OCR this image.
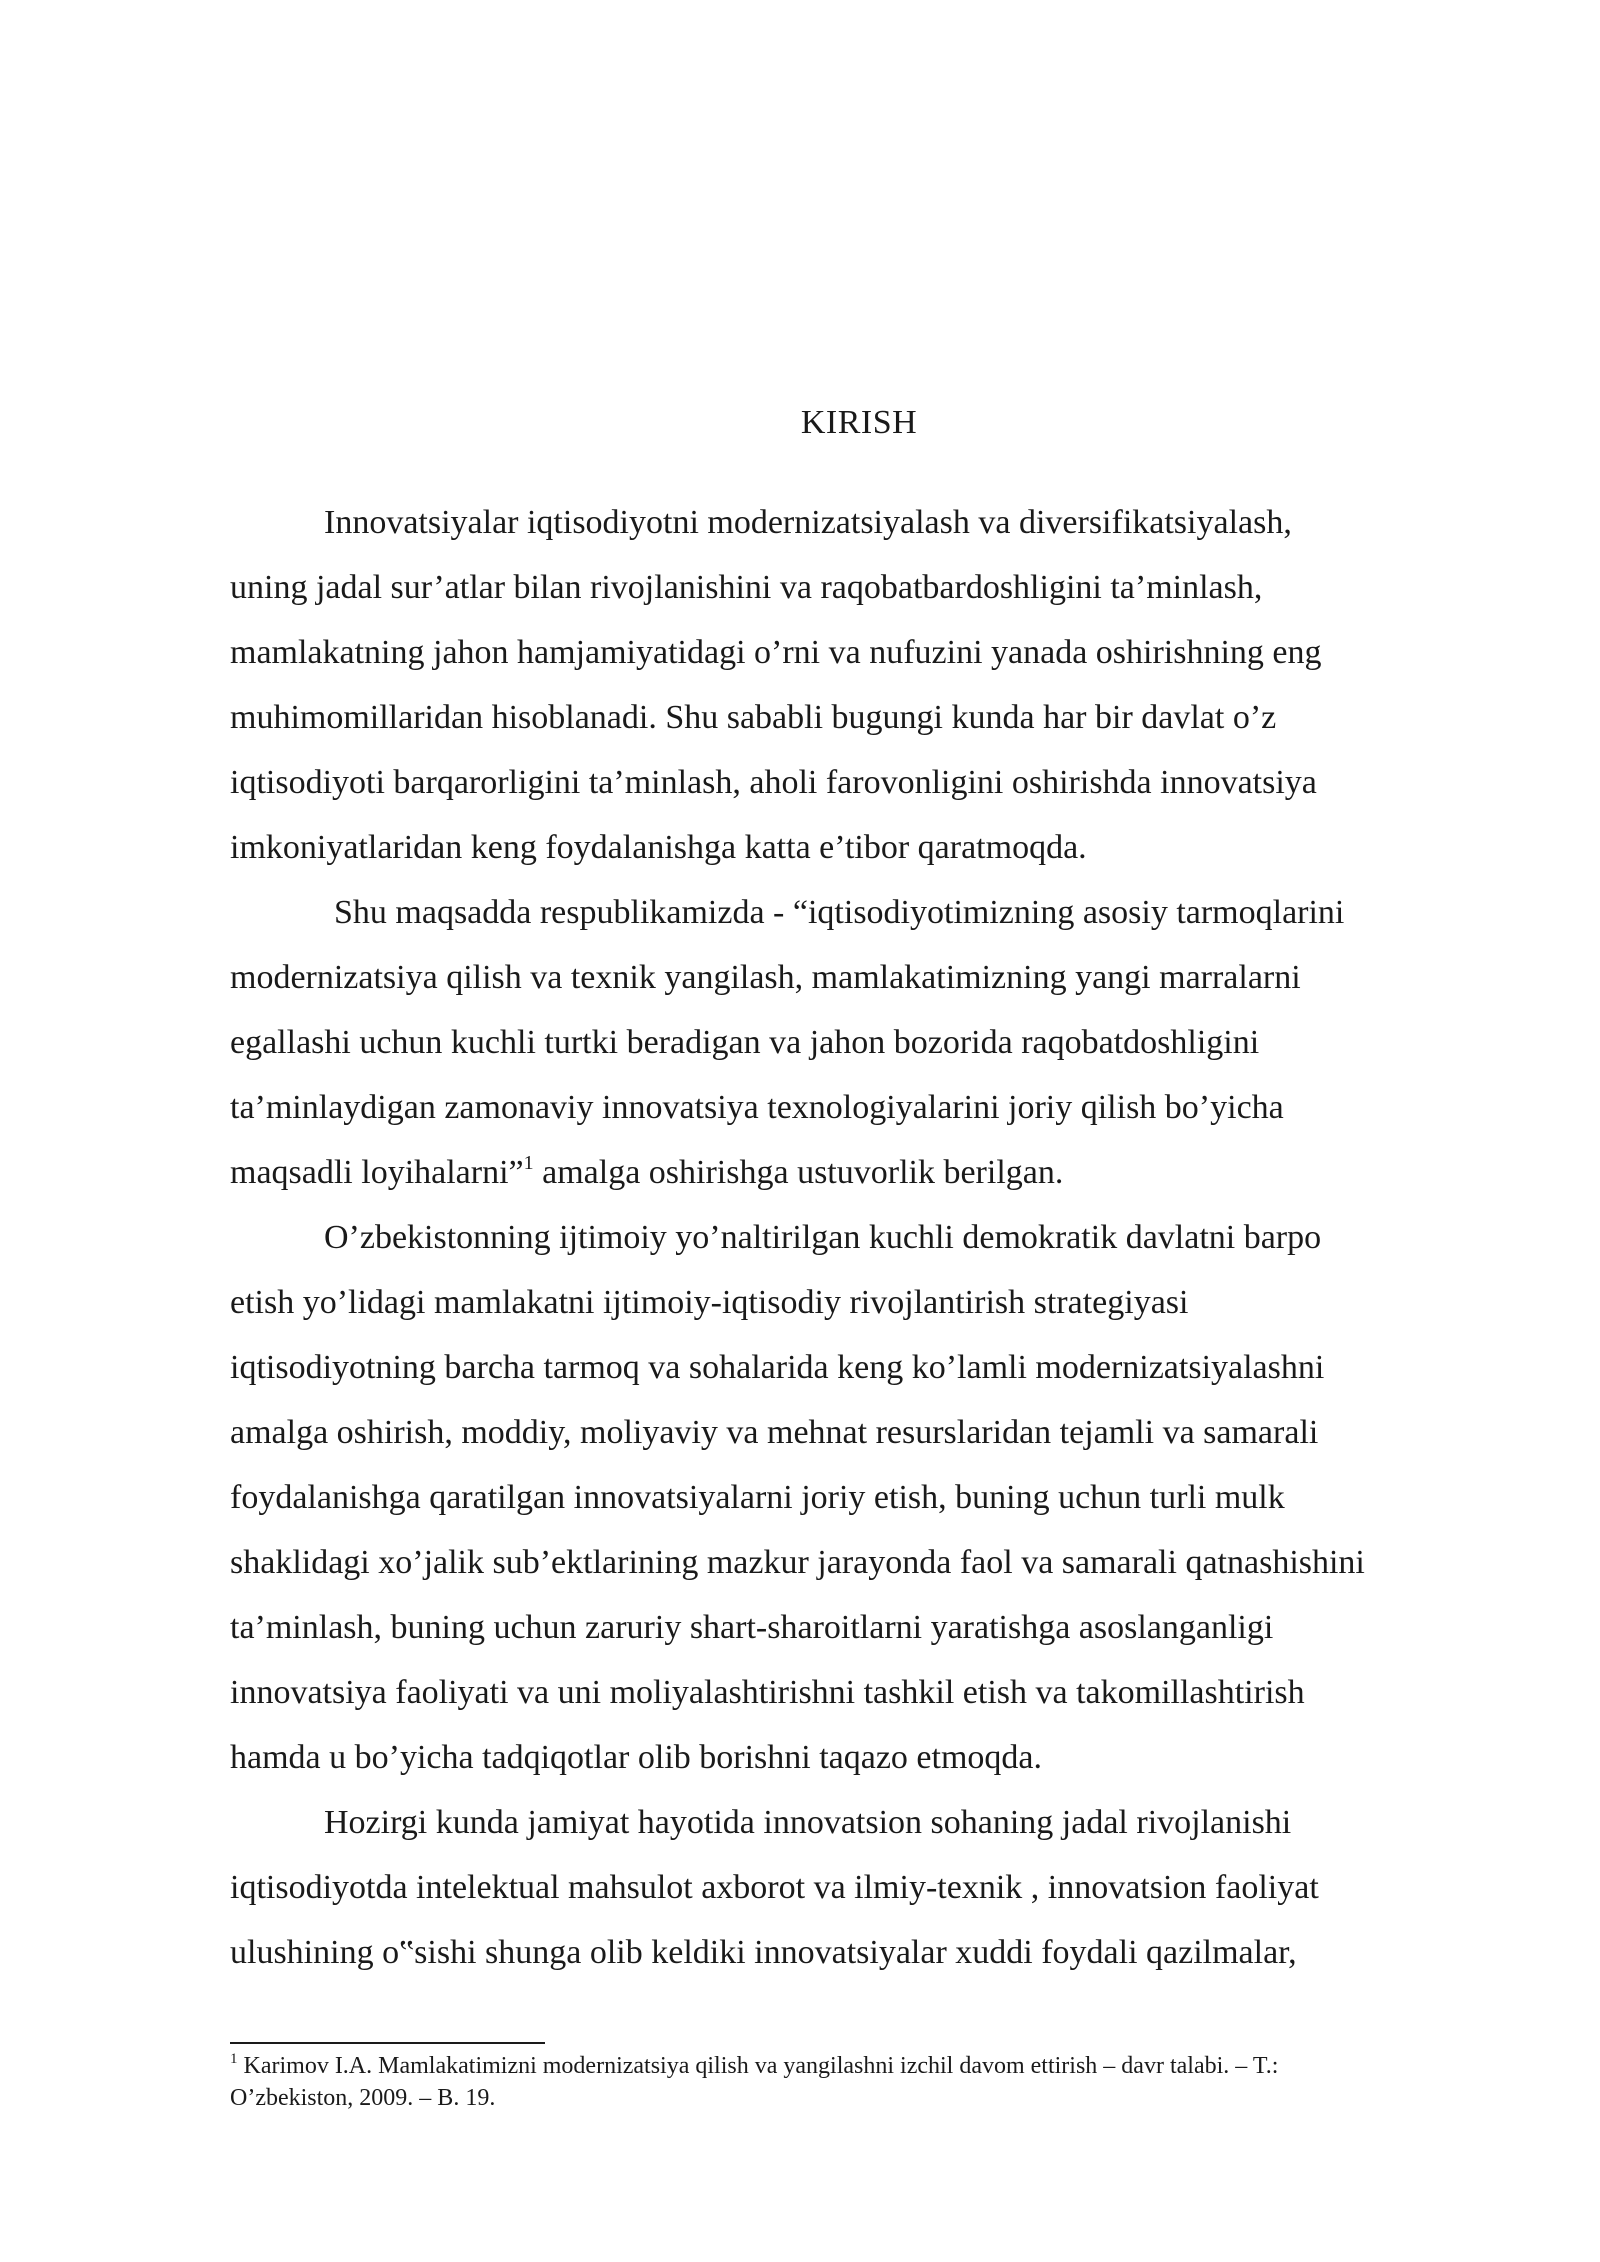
KIRISH
Innovatsiyalar iqtisodiyotni modernizatsiyalash va diversifikatsiyalash,
uning jadal sur’atlar bilan rivojlanishini va raqobatbardoshligini ta’minlash,
mamlakatning jahon hamjamiyatidagi o’rni va nufuzini yanada oshirishning eng
muhimomillaridan hisoblanadi. Shu sababli bugungi kunda har bir davlat o’z
iqtisodiyoti barqarorligini ta’minlash, aholi farovonligini oshirishda innovatsiya
imkoniyatlaridan keng foydalanishga katta e’tibor qaratmoqda.
Shu maqsadda respublikamizda - “iqtisodiyotimizning asosiy tarmoqlarini
modernizatsiya qilish va texnik yangilash, mamlakatimizning yangi marralarni
egallashi uchun kuchli turtki beradigan va jahon bozorida raqobatdoshligini
ta’minlaydigan zamonaviy innovatsiya texnologiyalarini joriy qilish bo’yicha
maqsadli loyihalarni”$^1$ amalga oshirishga ustuvorlik berilgan.
O’zbekistonning ijtimoiy yo’naltirilgan kuchli demokratik davlatni barpo
etish yo’lidagi mamlakatni ijtimoiy-iqtisodiy rivojlantirish strategiyasi
iqtisodiyotning barcha tarmoq va sohalarida keng ko’lamli modernizatsiyalashni
amalga oshirish, moddiy, moliyaviy va mehnat resurslaridan tejamli va samarali
foydalanishga qaratilgan innovatsiyalarni joriy etish, buning uchun turli mulk
shaklidagi xo’jalik sub’ektlarining mazkur jarayonda faol va samarali qatnashishini
ta’minlash, buning uchun zaruriy shart-sharoitlarni yaratishga asoslanganligi
innovatsiya faoliyati va uni moliyalashtirishni tashkil etish va takomillashtirish
hamda u bo’yicha tadqiqotlar olib borishni taqazo etmoqda.
Hozirgi kunda jamiyat hayotida innovatsion sohaning jadal rivojlanishi
iqtisodiyotda intelektual mahsulot axborot va ilmiy-texnik , innovatsion faoliyat
ulushining o‟sishi shunga olib keldiki innovatsiyalar xuddi foydali qazilmalar,
$^1$ Karimov I.A. Mamlakatimizni modernizatsiya qilish va yangilashni izchil davom ettirish – davr talabi. – T.:
O’zbekiston, 2009. – B. 19.
